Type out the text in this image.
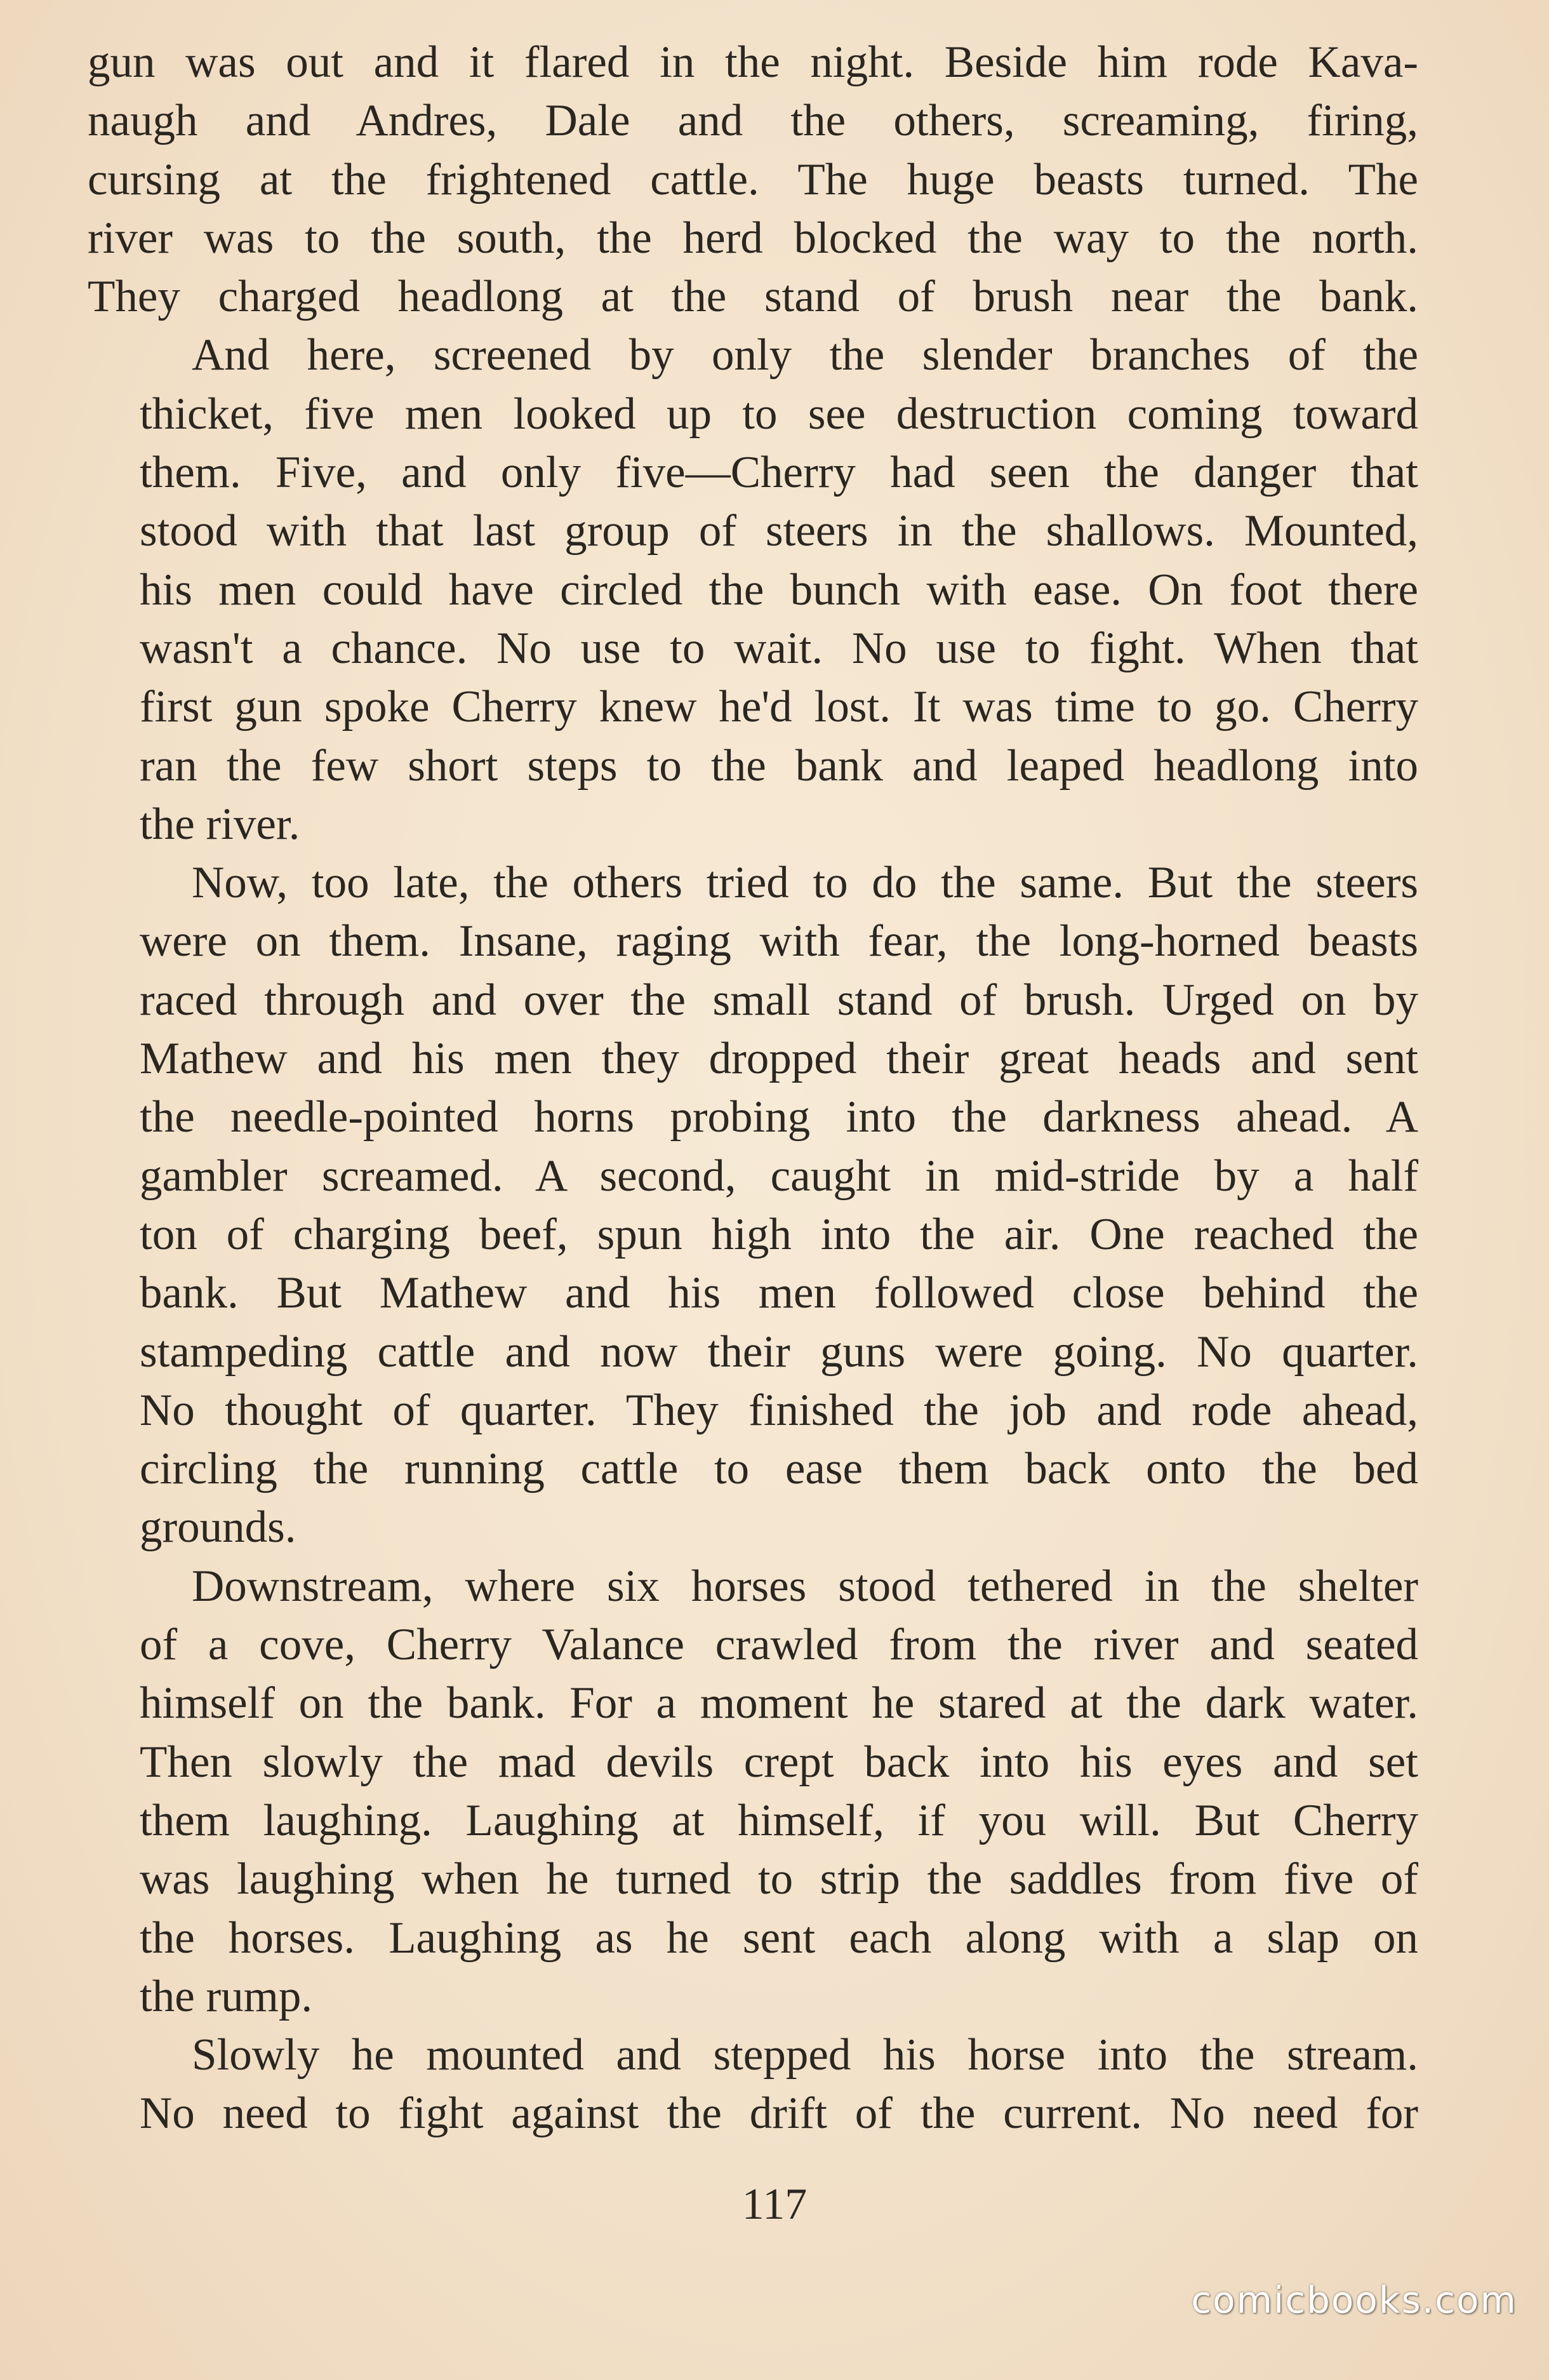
gun was out and it flared in the night. Beside him rode Kava-
naugh and Andres, Dale and the others, screaming, firing,
cursing at the frightened cattle. The huge beasts turned. The
river was to the south, the herd blocked the way to the north.
They charged headlong at the stand of brush near the bank.

And here, screened by only the slender branches of the
thicket, five men looked up to see destruction coming toward
them. Five, and only five—Cherry had seen the danger that
stood with that last group of steers in the shallows. Mounted,
his men could have circled the bunch with ease. On foot there
wasn't a chance. No use to wait. No use to fight. When that
first gun spoke Cherry knew he'd lost. It was time to go. Cherry
ran the few short steps to the bank and leaped headlong into
the river.

Now, too late, the others tried to do the same. But the steers
were on them. Insane, raging with fear, the long-horned beasts
raced through and over the small stand of brush. Urged on by
Mathew and his men they dropped their great heads and sent
the needle-pointed horns probing into the darkness ahead. A
gambler screamed. A second, caught in mid-stride by a half
ton of charging beef, spun high into the air. One reached the
bank. But Mathew and his men followed close behind the
stampeding cattle and now their guns were going. No quarter.
No thought of quarter. They finished the job and rode ahead,
circling the running cattle to ease them back onto the bed
grounds.

Downstream, where six horses stood tethered in the shelter
of a cove, Cherry Valance crawled from the river and seated
himself on the bank. For a moment he stared at the dark water.
Then slowly the mad devils crept back into his eyes and set
them laughing. Laughing at himself, if you will. But Cherry
was laughing when he turned to strip the saddles from five of
the horses. Laughing as he sent each along with a slap on
the rump.

Slowly he mounted and stepped his horse into the stream.
No need to fight against the drift of the current. No need for

117
comicbooks.com
